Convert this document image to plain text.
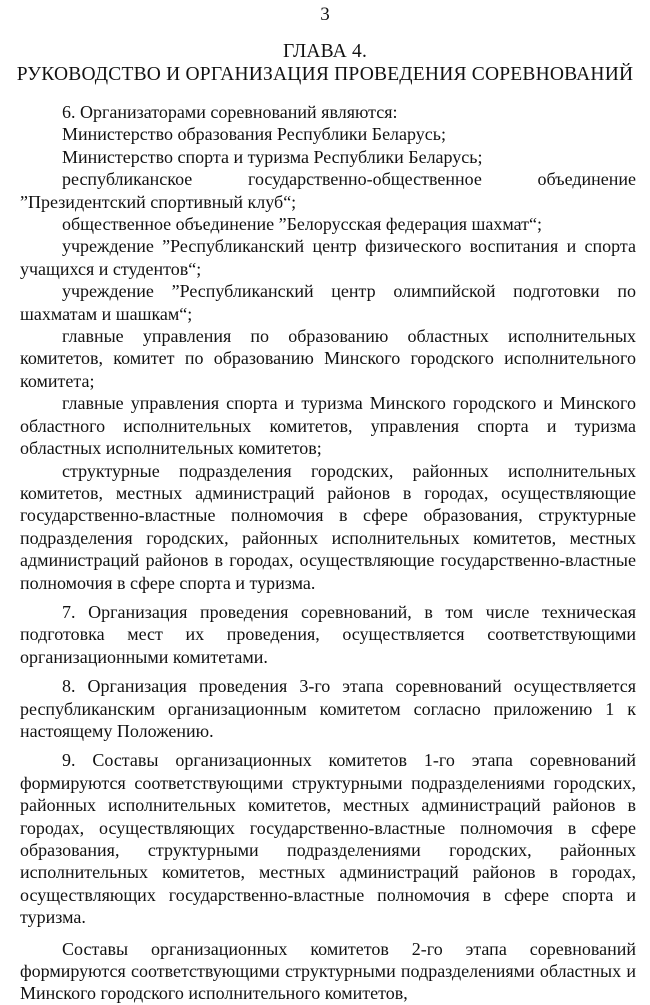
3
ГЛАВА 4.
РУКОВОДСТВО И ОРГАНИЗАЦИЯ ПРОВЕДЕНИЯ СОРЕВНОВАНИЙ

6. Организаторами соревнований являются:

Министерство образования Республики Беларусь;

Министерство спорта и туризма Республики Беларусь;

республиканское государственно-общественное объединение ”Президентский спортивный клуб“;

общественное объединение ”Белорусская федерация шахмат“;

учреждение ”Республиканский центр физического воспитания и спорта учащихся и студентов“;

учреждение ”Республиканский центр олимпийской подготовки по шахматам и шашкам“;

главные управления по образованию областных исполнительных комитетов, комитет по образованию Минского городского исполнительного комитета;

главные управления спорта и туризма Минского городского и Минского областного исполнительных комитетов, управления спорта и туризма областных исполнительных комитетов;

структурные подразделения городских, районных исполнительных комитетов, местных администраций районов в городах, осуществляющие государственно-властные полномочия в сфере образования, структурные подразделения городских, районных исполнительных комитетов, местных администраций районов в городах, осуществляющие государственно-властные полномочия в сфере спорта и туризма.

7. Организация проведения соревнований, в том числе техническая подготовка мест их проведения, осуществляется соответствующими организационными комитетами.

8. Организация проведения 3-го этапа соревнований осуществляется республиканским организационным комитетом согласно приложению 1 к настоящему Положению.

9. Составы организационных комитетов 1-го этапа соревнований формируются соответствующими структурными подразделениями городских, районных исполнительных комитетов, местных администраций районов в городах, осуществляющих государственно-властные полномочия в сфере образования, структурными подразделениями городских, районных исполнительных комитетов, местных администраций районов в городах, осуществляющих государственно-властные полномочия в сфере спорта и туризма.

Составы организационных комитетов 2-го этапа соревнований формируются соответствующими структурными подразделениями областных и Минского городского исполнительного комитетов,
